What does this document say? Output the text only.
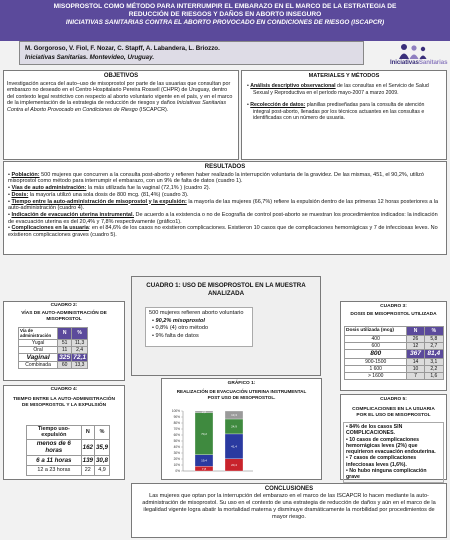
MISOPROSTOL COMO MÉTODO PARA INTERRUMPIR EL EMBARAZO EN EL MARCO DE LA ESTRATEGIA DE
REDUCCIÓN DE RIESGOS Y DAÑOS EN ABORTO INSEGURO
INICIATIVAS SANITARIAS CONTRA EL ABORTO PROVOCADO EN CONDICIONES DE RIESGO (ISCAPCR)
M. Gorgoroso, V. Fiol, F. Nozar, C. Stapff, A. Labandera, L. Briozzo.
Iniciativas Sanitarias. Montevideo, Uruguay.
IniciativasSanitarias
OBJETIVOS
Investigación acerca del auto–uso de misoprostol por parte de las usuarias que consultan por embarazo no deseado en el Centro Hospitalario Pereira Rossell (CHPR) de Uruguay, dentro del contexto legal restrictivo con respecto al aborto voluntario vigente en el país, y en el marco de la implementación de la estrategia de reducción de riesgos y daños Iniciativas Sanitarias Contra el Aborto Provocado en Condiciones de Riesgo (ISCAPCR).
MATERIALES Y MÉTODOS
• Análisis descriptivo observacional de las consultas en el Servicio de Salud Sexual y Reproductiva en el período mayo-2007 a marzo 2009.
• Recolección de datos: planillas prediseñadas para la consulta de atención integral post-aborto, llenadas por los técnicos actuantes en las consultas e identificadas con un número de usuaria.
RESULTADOS

• Población: 500 mujeres que concurren a la consulta post-aborto y refieren haber realizado la interrupción voluntaria de la gravidez. De las mismas, 451, el 90,2%, utilizó misoprostol como método para interrumpir el embarazo, con un 9% de falta de datos (cuadro 1).

• Vías de auto administración: la más utilizada fue la vaginal (72,1% ) (cuadro 2).

• Dosis: la mayoría utilizó una sola dosis de 800 mcg. (81,4%) (cuadro 3).

• Tiempo entre la auto-administración de misoprostol y la expulsión: la mayoría de las mujeres (66,7%) refiere la expulsión dentro de las primeras 12 horas posteriores a la auto-administración (cuadro 4).

• Indicación de evacuación uterina instrumental. De acuerdo a la existencia o no de Ecografía de control post-aborto se muestran los procedimientos indicados: la indicación de evacuación uterina es del 20,4% y 7,8% respectivamente (gráfico1).

• Complicaciones en la usuaria: en el 84,6% de los casos no existieron complicaciones. Existieron 10 casos que de complicaciones hemorrágicas y 7 de infecciosas leves. No existieron complicaciones graves (cuadro 5).

CUADRO 2:
VÍAS DE AUTO-ADMINISTRACIÓN DE MISOPROSTOL
Vía de administración	N	%
Yugal	51	11,3
Oral	11	2,4
Vaginal	325	72,1
Combinada	60	13,3
CUADRO 4:
TIEMPO ENTRE LA AUTO-ADMINISTRACIÓN DE MISOPROSTOL Y LA EXPULSIÓN
Tiempo uso-expulsión	N	%
menos de 6 horas	162	35,9
6 a 11 horas	139	30,8
12 a 23 horas	22	4,9
CUADRO 1: USO DE MISOPROSTOL EN LA MUESTRA ANALIZADA
500 mujeres refieren aborto voluntario
• 90,2% misoprostol
• 0,8% (4) otro método
• 9% falta de datos
GRÁFICO 1:
REALIZACIÓN DE EVACUACIÓN UTERINA INSTRUMENTAL POST USO DE MISOPROSTOL.
0%
10%
20%
30%
40%
50%
60%
70%
80%
90%
100%
7,8
19,4
70,2
2,6
20,4
41,4
24,9
13,3
CUADRO 3:
DOSIS DE MISOPROSTOL UTILIZADA
Dosis utilizada (mcg)	N	%
400	26	5,8
600	12	2,7
800	367	81,4
900-1500	14	3,1
1 600	10	2,2
> 1600	7	1,6
CUADRO 5:
COMPLICACIONES EN LA USUARIA POR EL USO DE MISOPROSTOL
• 84% de los casos SIN COMPLICACIONES.
• 10 casos de complicaciones hemorrágicas leves (2%) que requirieron evacuación endouterina.
• 7 casos de complicaciones infecciosas leves (1,6%).
• No hubo ninguna complicación grave
CONCLUSIONES
Las mujeres que optan por la interrupción del embarazo en el marco de las ISCAPCR lo hacen mediante la auto-administración de misoprostol. Su uso en el contexto de una estrategia de reducción de daños y aún en el marco de la ilegalidad vigente logra abatir la mortalidad materna y disminuye dramáticamente la morbilidad por procedimientos de mayor riesgo.
